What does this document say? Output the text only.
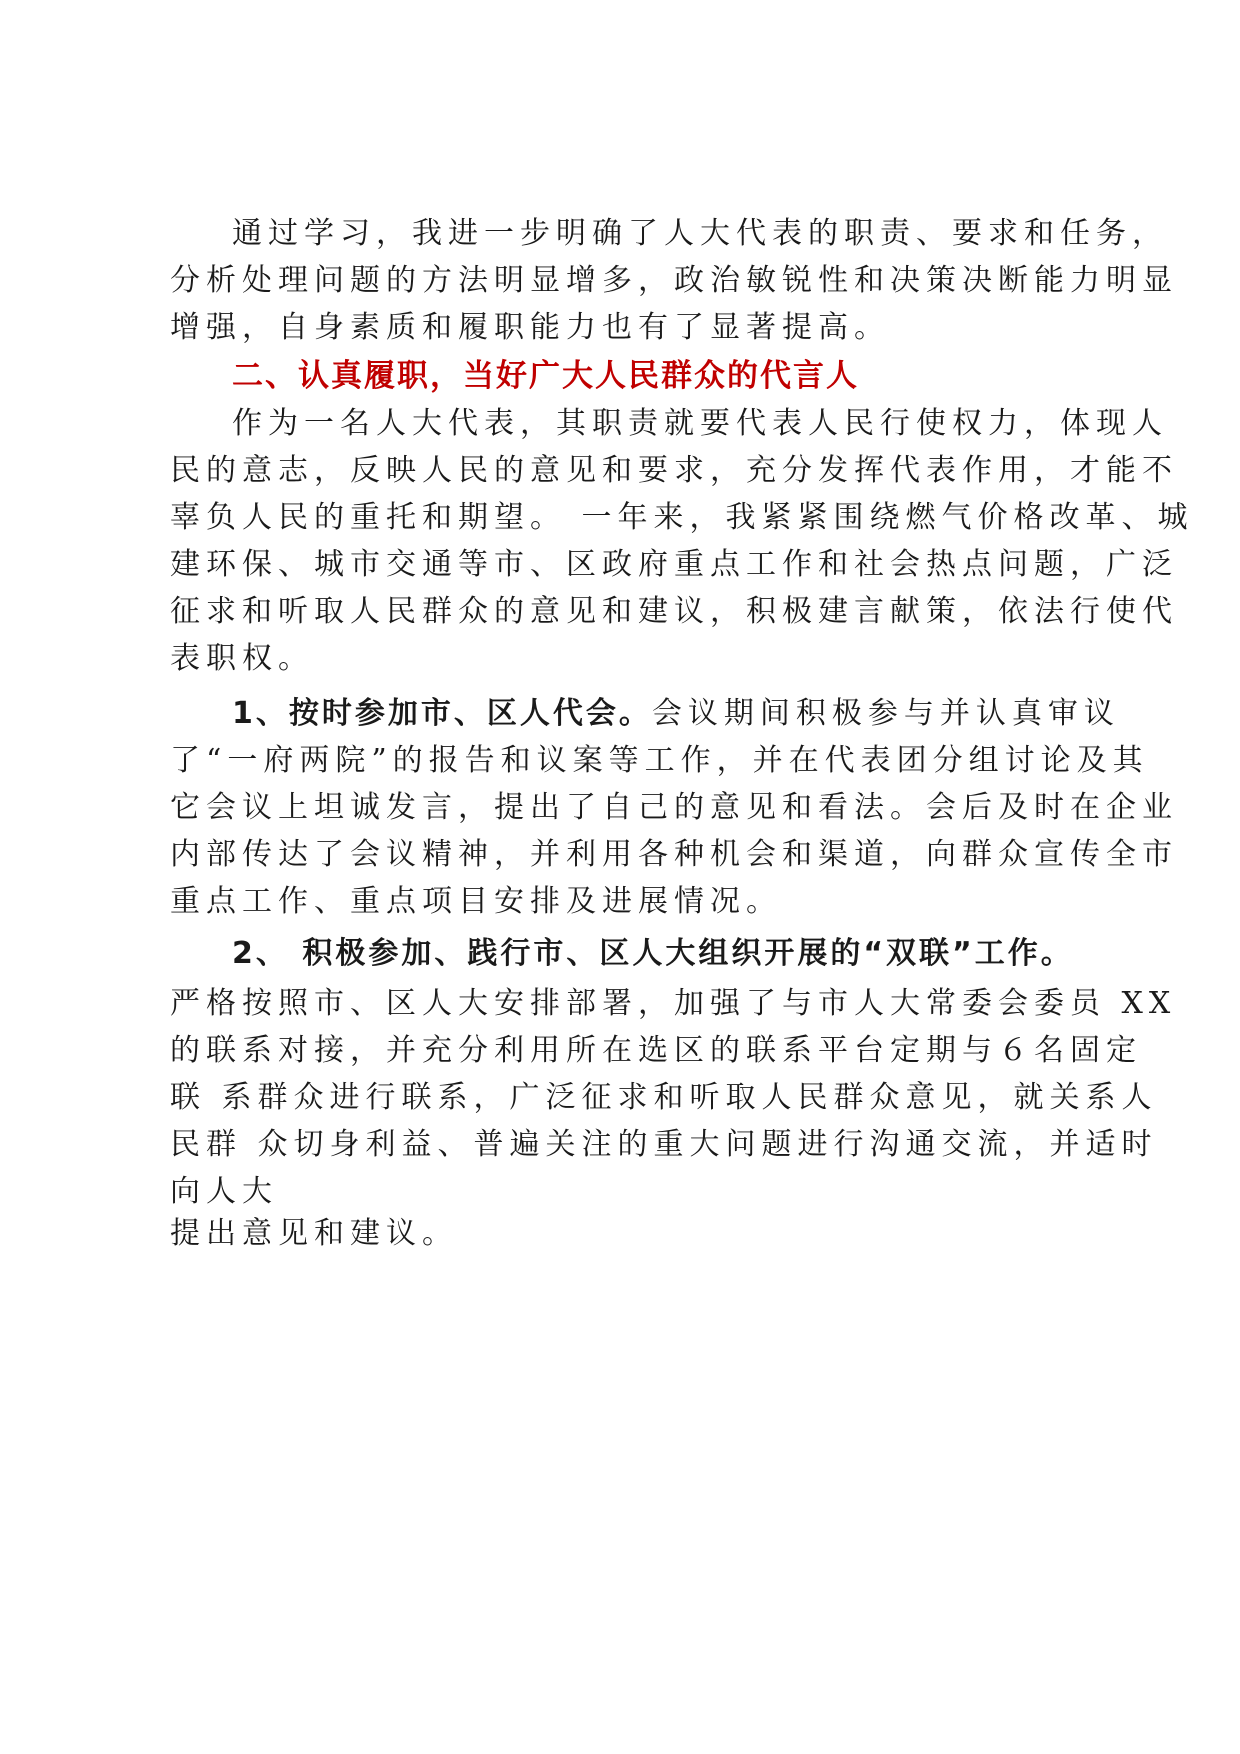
通过学习，我进一步明确了人大代表的职责、要求和任务，
分析处理问题的方法明显增多，政治敏锐性和决策决断能力明显
增强，自身素质和履职能力也有了显著提高。
二、认真履职，当好广大人民群众的代言人
作为一名人大代表，其职责就要代表人民行使权力，体现人
民的意志，反映人民的意见和要求，充分发挥代表作用，才能不
辜负人民的重托和期望。 一年来，我紧紧围绕燃气价格改革、城
建环保、城市交通等市、区政府重点工作和社会热点问题，广泛
征求和听取人民群众的意见和建议，积极建言献策，依法行使代
表职权。
1、按时参加市、区人代会。会议期间积极参与并认真审议
了“一府两院”的报告和议案等工作，并在代表团分组讨论及其
它会议上坦诚发言，提出了自己的意见和看法。会后及时在企业
内部传达了会议精神，并利用各种机会和渠道，向群众宣传全市
重点工作、重点项目安排及进展情况。
2、 积极参加、践行市、区人大组织开展的“双联”工作。
严格按照市、区人大安排部署，加强了与市人大常委会委员 XX
的联系对接，并充分利用所在选区的联系平台定期与６名固定
联 系群众进行联系，广泛征求和听取人民群众意见，就关系人
民群 众切身利益、普遍关注的重大问题进行沟通交流，并适时
向人大
提出意见和建议。
